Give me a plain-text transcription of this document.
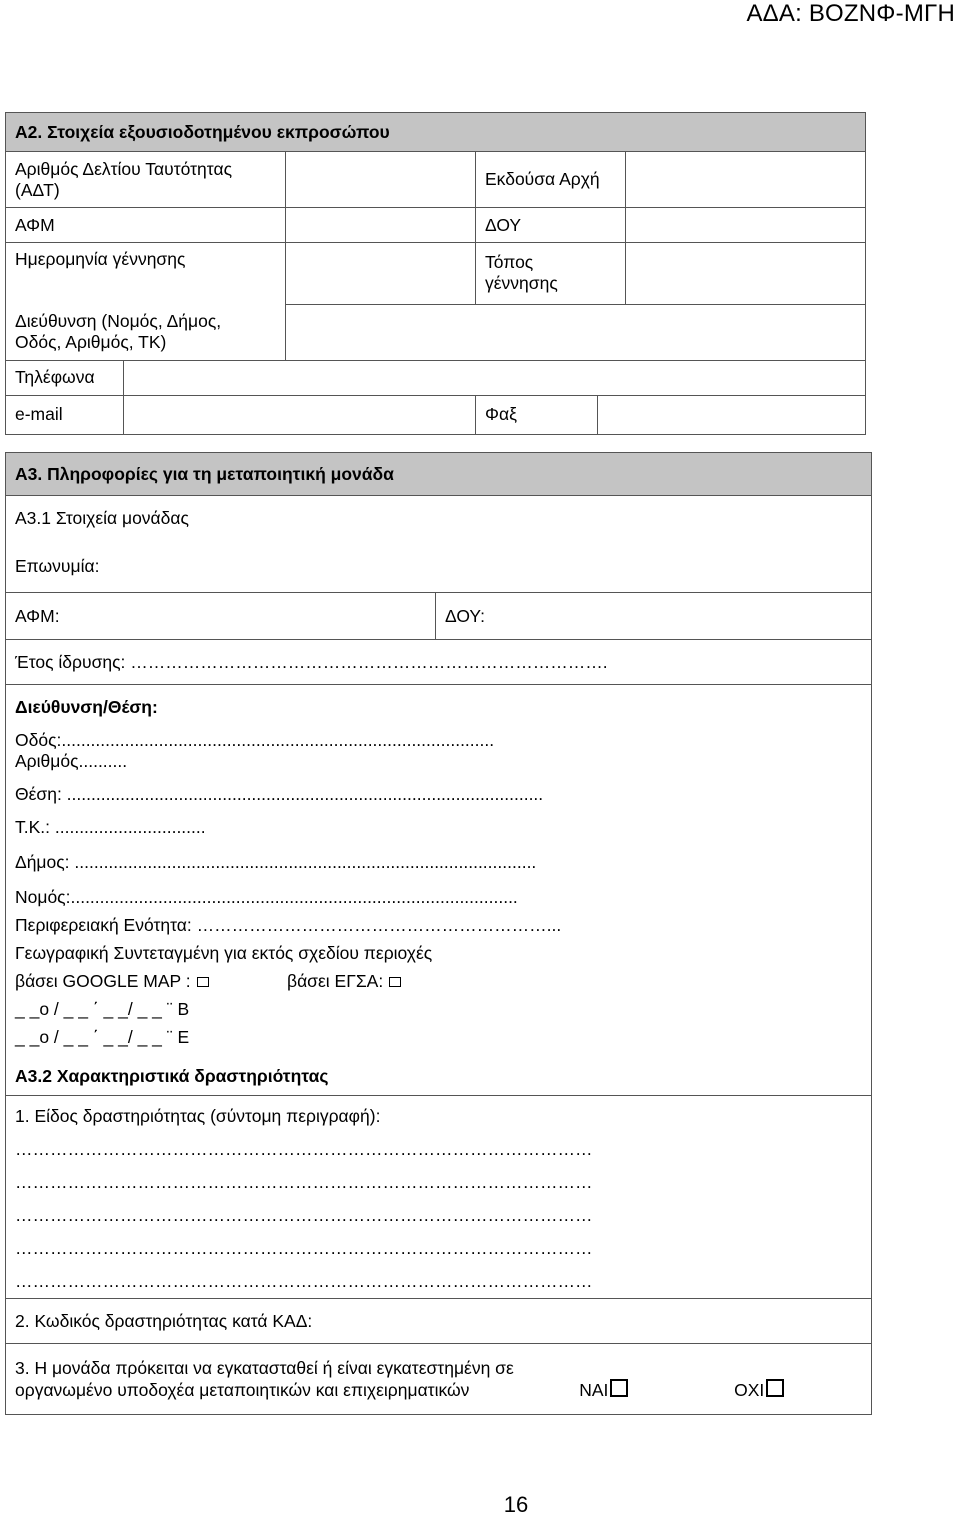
ΑΔΑ: ΒΟΖΝΦ-ΜΓΗ
Α2. Στοιχεία εξουσιοδοτημένου εκπροσώπου					

Αριθμός Δελτίου Ταυτότητας
(ΑΔΤ)			Εκδούσα Αρχή		
ΑΦΜ			ΔΟΥ		
Ημερομηνία γέννησης			Τόπος
γέννησης		

Διεύθυνση (Νομός, Δήμος,
Οδός, Αριθμός, ΤΚ)					

Τηλέφωνα					
e-mail			Φαξ		
Α3. Πληροφορίες για τη μεταποιητική μονάδα
Α3.1 Στοιχεία μονάδας
Επωνυμία:
ΑΦΜ:	ΔΟΥ:
Έτος ίδρυσης: ……………………………………………………………………….

Διεύθυνση/Θέση:
Οδός:.........................................................................................
Αριθμός..........
Θέση: ..................................................................................................
Τ.Κ.: ...............................
Δήμος: ...............................................................................................
Νομός:............................................................................................
Περιφερειακή Ενότητα: ……………………………………………………...
Γεωγραφική Συντεταγμένη για εκτός σχεδίου περιοχές
βάσει GOOGLE MAP :	βάσει ΕΓΣΑ:
_ _ο / _ _ ΄ _ _/ _ _ ¨ Β
_ _ο / _ _ ΄ _ _/ _ _ ¨ Ε
Α3.2 Χαρακτηριστικά δραστηριότητας

1. Είδος δραστηριότητας (σύντομη περιγραφή):
………………………………………………………………………………………
………………………………………………………………………………………
………………………………………………………………………………………
………………………………………………………………………………………
………………………………………………………………………………………

2. Κωδικός δραστηριότητας κατά ΚΑΔ:

3. Η μονάδα πρόκειται να εγκατασταθεί ή είναι εγκατεστημένη σε
οργανωμένο υποδοχέα μεταποιητικών και επιχειρηματικών	ΝΑΙ	ΟΧΙ
16
